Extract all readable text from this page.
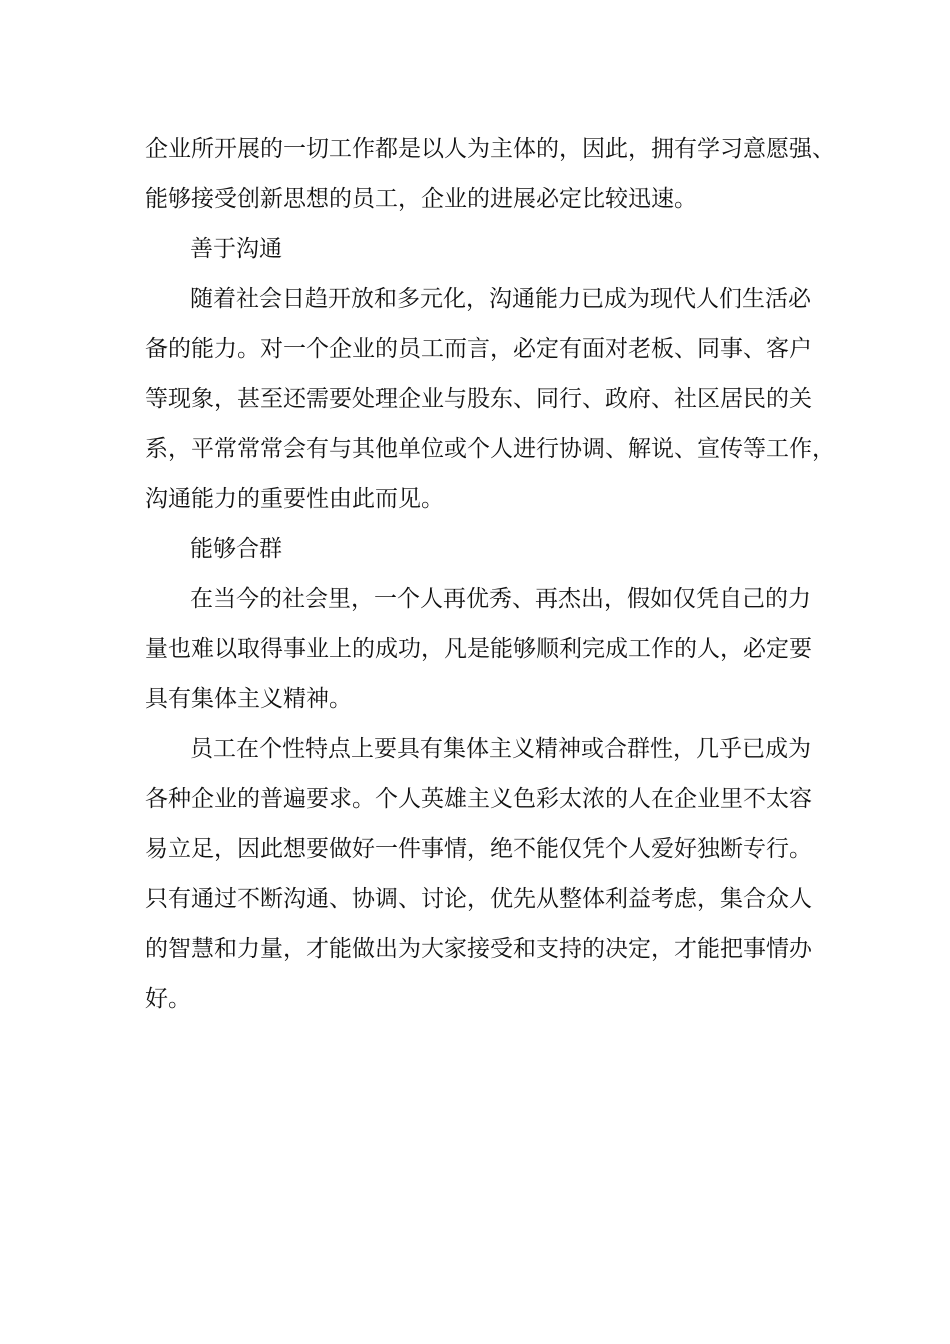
企业所开展的一切工作都是以人为主体的，因此，拥有学习意愿强、

能够接受创新思想的员工，企业的进展必定比较迅速。

善于沟通

随着社会日趋开放和多元化，沟通能力已成为现代人们生活必

备的能力。对一个企业的员工而言，必定有面对老板、同事、客户

等现象，甚至还需要处理企业与股东、同行、政府、社区居民的关

系，平常常常会有与其他单位或个人进行协调、解说、宣传等工作，

沟通能力的重要性由此而见。

能够合群

在当今的社会里，一个人再优秀、再杰出，假如仅凭自己的力

量也难以取得事业上的成功，凡是能够顺利完成工作的人，必定要

具有集体主义精神。

员工在个性特点上要具有集体主义精神或合群性，几乎已成为

各种企业的普遍要求。个人英雄主义色彩太浓的人在企业里不太容

易立足，因此想要做好一件事情，绝不能仅凭个人爱好独断专行。

只有通过不断沟通、协调、讨论，优先从整体利益考虑，集合众人

的智慧和力量，才能做出为大家接受和支持的决定，才能把事情办

好。
